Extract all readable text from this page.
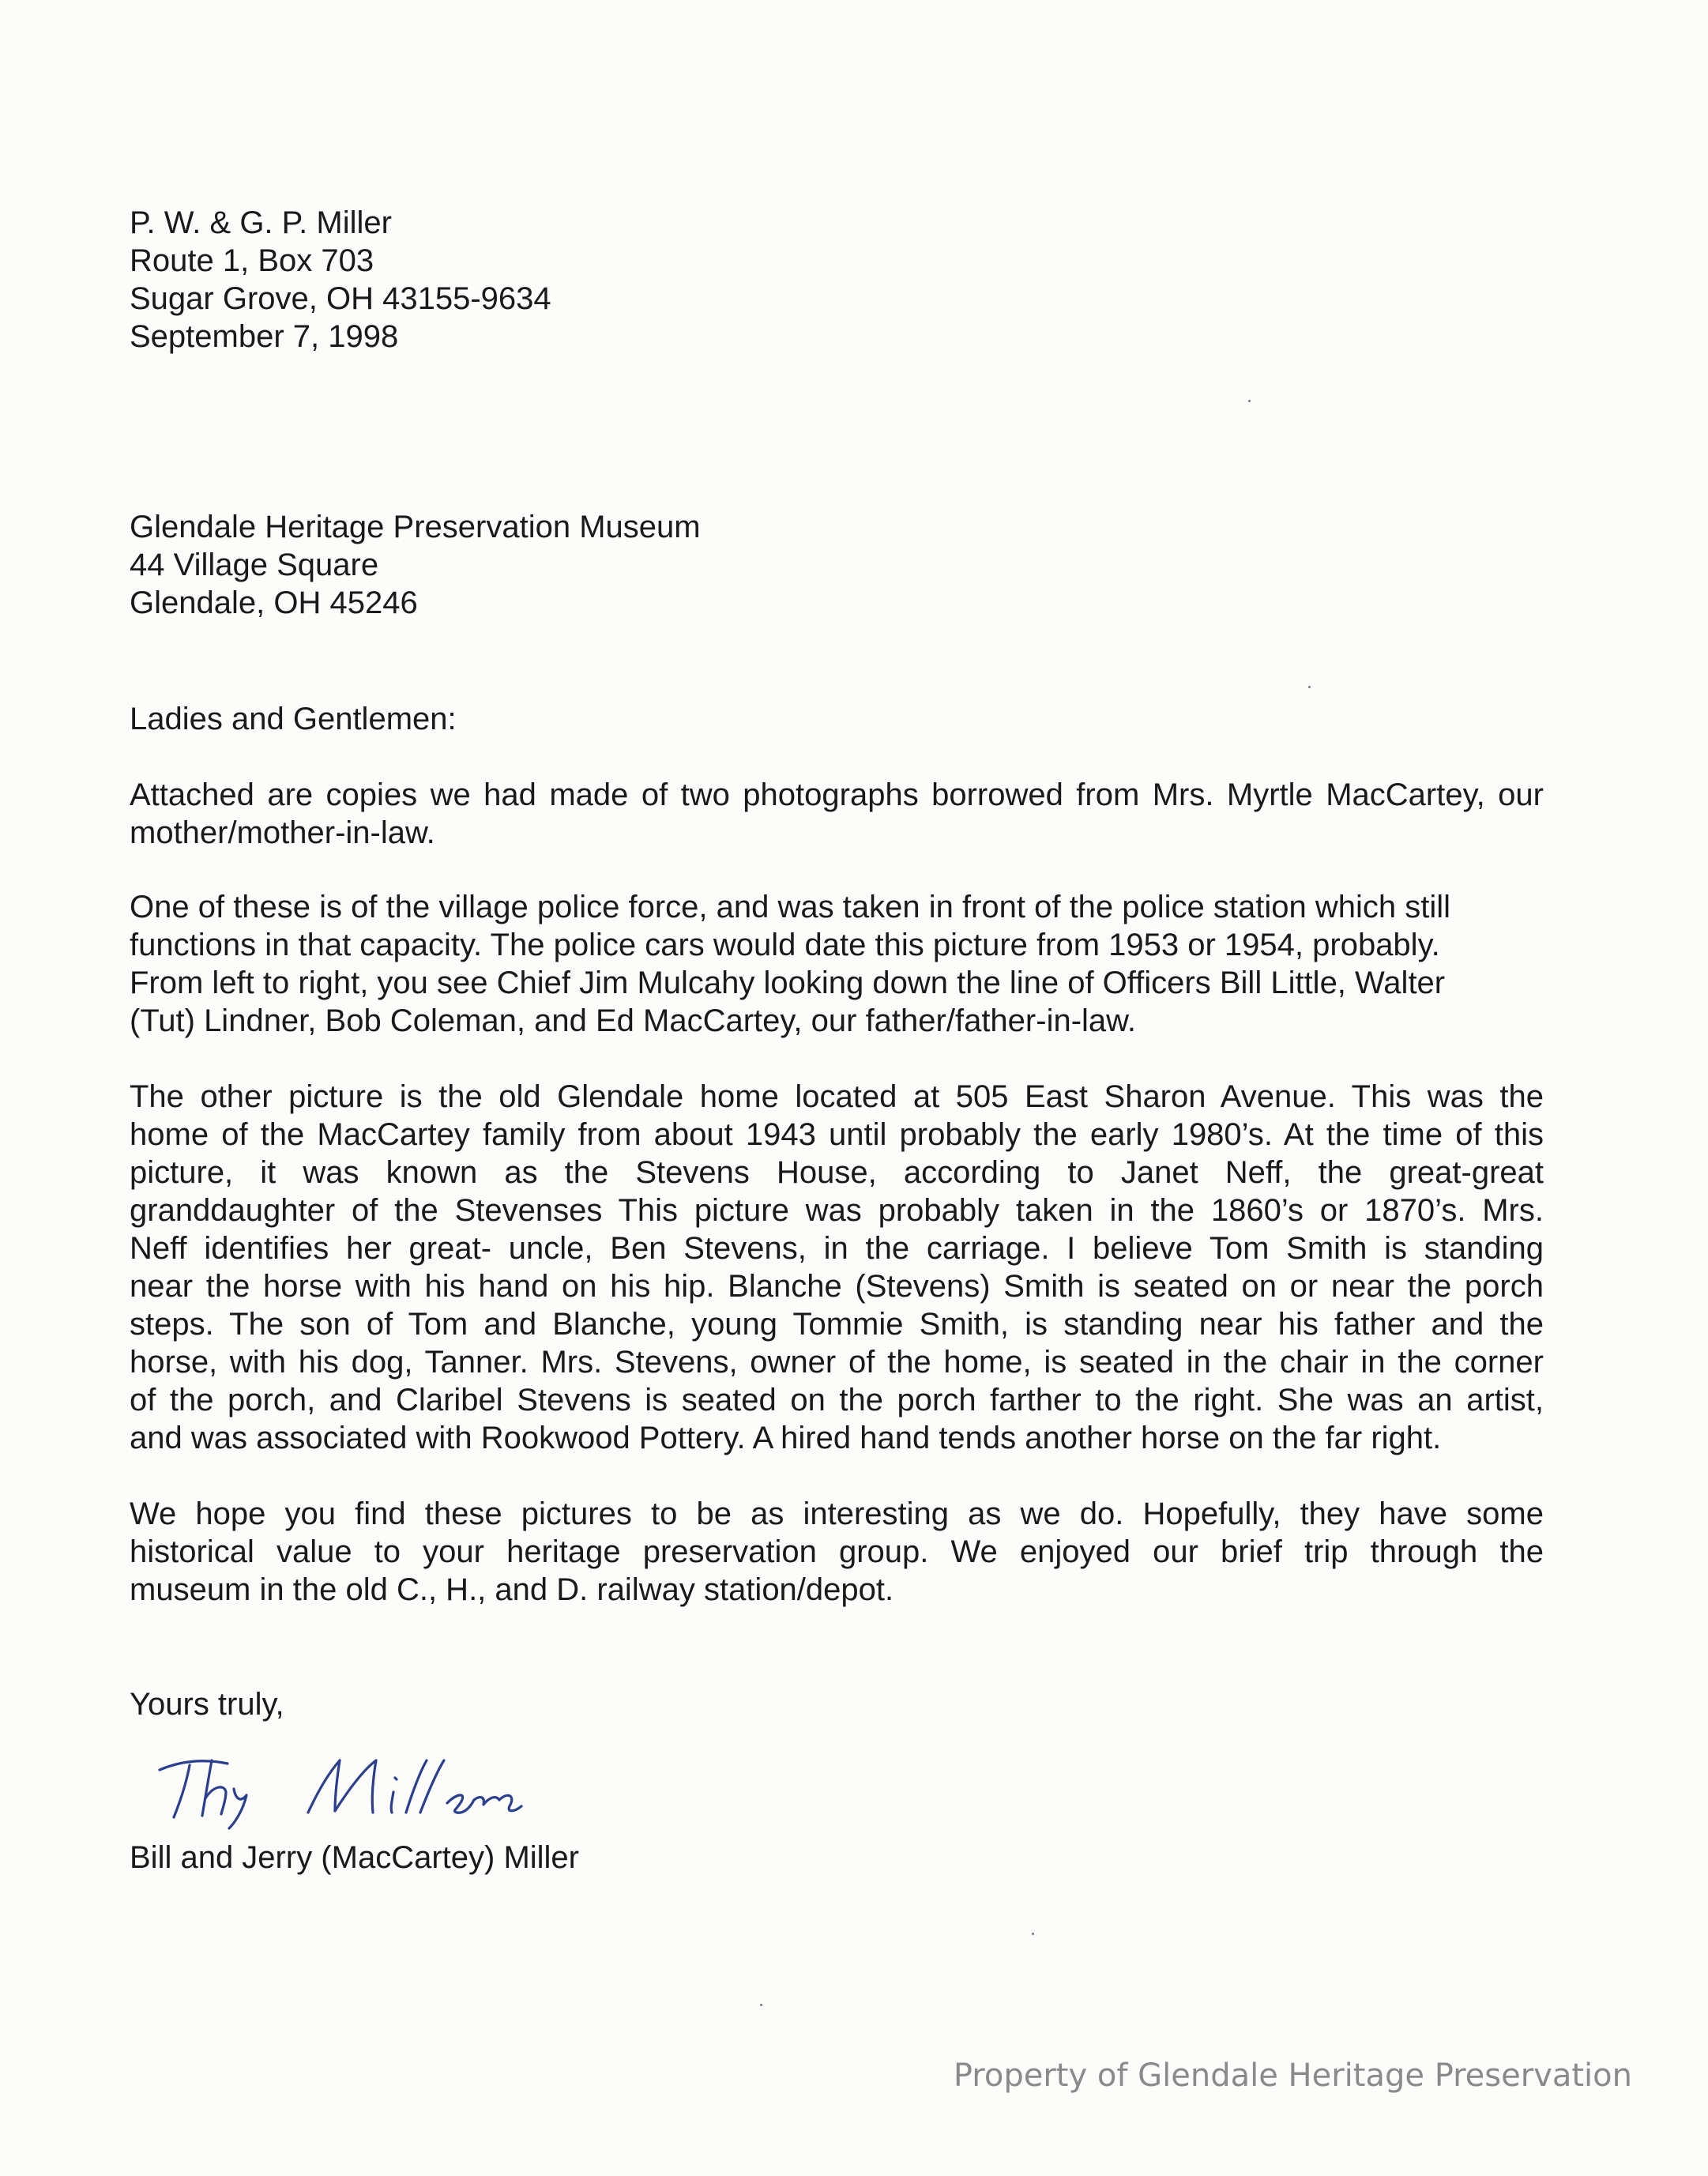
P. W. & G. P. Miller
Route 1, Box 703
Sugar Grove, OH 43155-9634
September 7, 1998
Glendale Heritage Preservation Museum
44 Village Square
Glendale, OH 45246
Ladies and Gentlemen:
Attached are copies we had made of two photographs borrowed from Mrs. Myrtle MacCartey, our
mother/mother-in-law.
One of these is of the village police force, and was taken in front of the police station which still
functions in that capacity. The police cars would date this picture from 1953 or 1954, probably.
From left to right, you see Chief Jim Mulcahy looking down the line of Officers Bill Little, Walter
(Tut) Lindner, Bob Coleman, and Ed MacCartey, our father/father-in-law.
The other picture is the old Glendale home located at 505 East Sharon Avenue. This was the
home of the MacCartey family from about 1943 until probably the early 1980’s. At the time of this
picture, it was known as the Stevens House, according to Janet Neff, the great-great
granddaughter of the Stevenses This picture was probably taken in the 1860’s or 1870’s. Mrs.
Neff identifies her great- uncle, Ben Stevens, in the carriage. I believe Tom Smith is standing
near the horse with his hand on his hip. Blanche (Stevens) Smith is seated on or near the porch
steps. The son of Tom and Blanche, young Tommie Smith, is standing near his father and the
horse, with his dog, Tanner. Mrs. Stevens, owner of the home, is seated in the chair in the corner
of the porch, and Claribel Stevens is seated on the porch farther to the right. She was an artist,
and was associated with Rookwood Pottery. A hired hand tends another horse on the far right.
We hope you find these pictures to be as interesting as we do. Hopefully, they have some
historical value to your heritage preservation group. We enjoyed our brief trip through the
museum in the old C., H., and D. railway station/depot.
Yours truly,
Bill and Jerry (MacCartey) Miller
Property of Glendale Heritage Preservation
